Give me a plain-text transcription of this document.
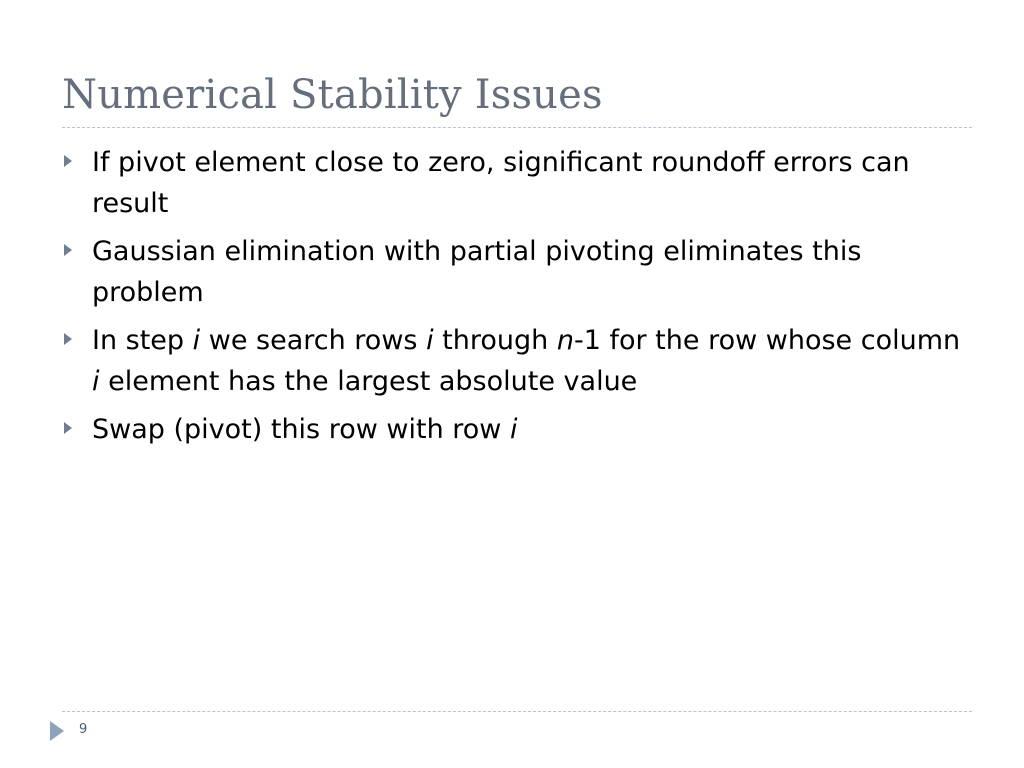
Numerical Stability Issues
If pivot element close to zero, significant roundoff errors can result
Gaussian elimination with partial pivoting eliminates this problem
In step i we search rows i through n-1 for the row whose column i element has the largest absolute value
Swap (pivot) this row with row i
9
